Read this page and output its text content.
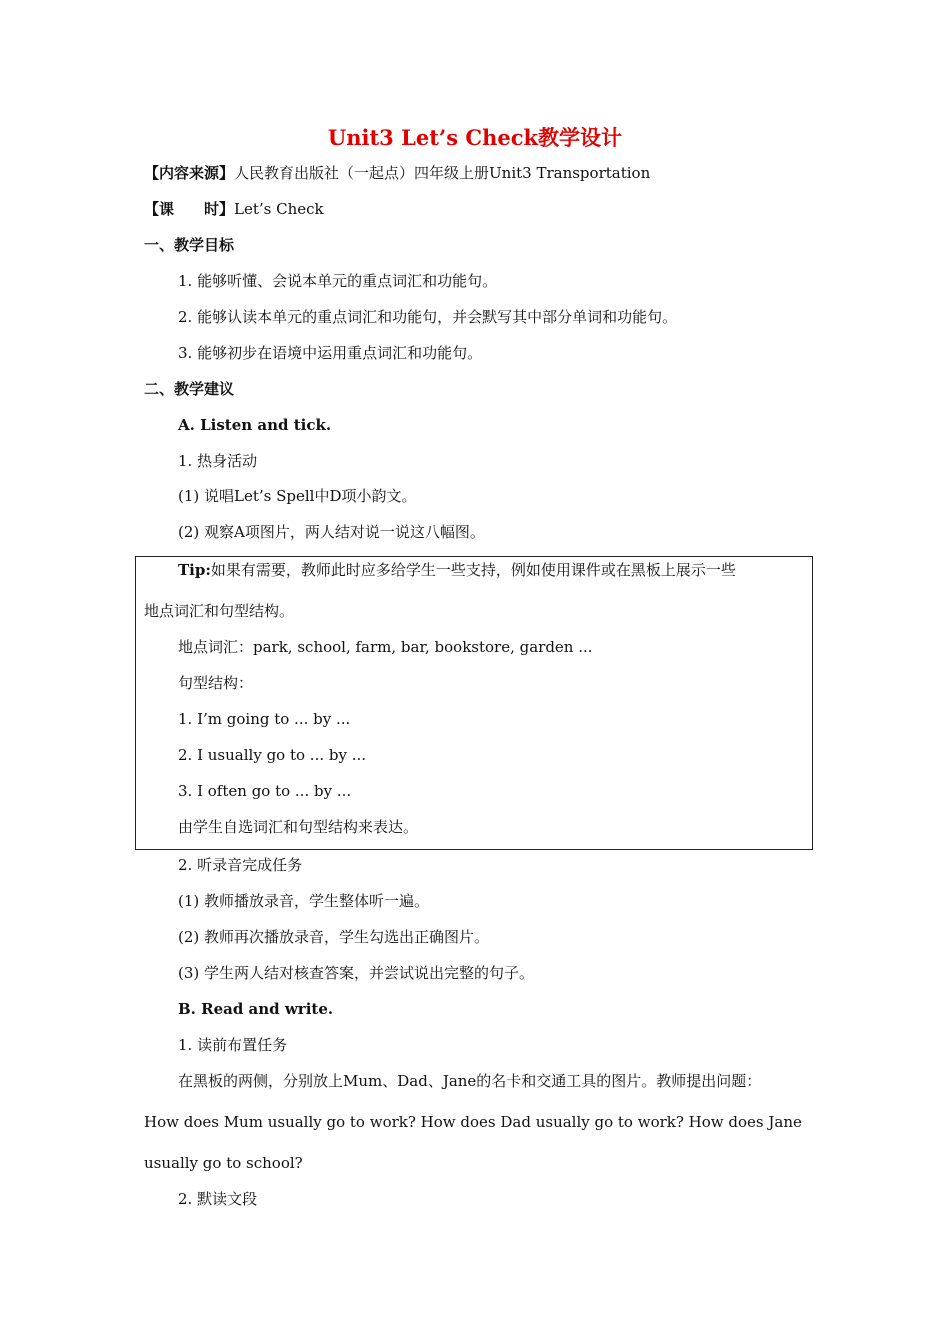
Unit3 Let’s Check教学设计
【内容来源】人民教育出版社（一起点）四年级上册Unit3 Transportation
【课　　时】Let’s Check
一、教学目标
1. 能够听懂、会说本单元的重点词汇和功能句。
2. 能够认读本单元的重点词汇和功能句，并会默写其中部分单词和功能句。
3. 能够初步在语境中运用重点词汇和功能句。
二、教学建议
A. Listen and tick.
1. 热身活动
(1) 说唱Let’s Spell中D项小韵文。
(2) 观察A项图片，两人结对说一说这八幅图。
Tip:如果有需要，教师此时应多给学生一些支持，例如使用课件或在黑板上展示一些
地点词汇和句型结构。
地点词汇：park, school, farm, bar, bookstore, garden ...
句型结构：
1. I’m going to ... by ...
2. I usually go to ... by ...
3. I often go to ... by ...
由学生自选词汇和句型结构来表达。
2. 听录音完成任务
(1) 教师播放录音，学生整体听一遍。
(2) 教师再次播放录音，学生勾选出正确图片。
(3) 学生两人结对核查答案，并尝试说出完整的句子。
B. Read and write.
1. 读前布置任务
在黑板的两侧，分别放上Mum、Dad、Jane的名卡和交通工具的图片。教师提出问题：
How does Mum usually go to work? How does Dad usually go to work? How does Jane
usually go to school?
2. 默读文段
